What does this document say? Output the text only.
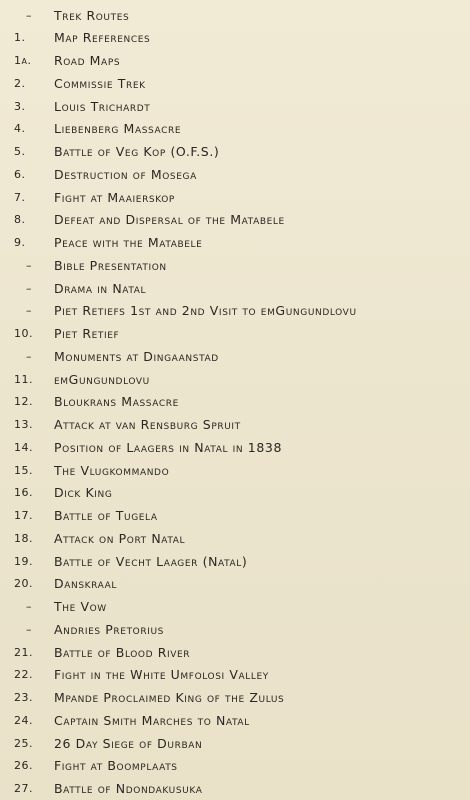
–	Trek Routes
1.	Map References
1a.	Road Maps
2.	Commissie Trek
3.	Louis Trichardt
4.	Liebenberg Massacre
5.	Battle of Veg Kop (O.F.S.)
6.	Destruction of Mosega
7.	Fight at Maaierskop
8.	Defeat and Dispersal of the Matabele
9.	Peace with the Matabele
–	Bible Presentation
–	Drama in Natal
–	Piet Retiefs 1st and 2nd Visit to emGungundlovu
10.	Piet Retief
–	Monuments at Dingaanstad
11.	emGungundlovu
12.	Bloukrans Massacre
13.	Attack at van Rensburg Spruit
14.	Position of Laagers in Natal in 1838
15.	The Vlugkommando
16.	Dick King
17.	Battle of Tugela
18.	Attack on Port Natal
19.	Battle of Vecht Laager (Natal)
20.	Danskraal
–	The Vow
–	Andries Pretorius
21.	Battle of Blood River
22.	Fight in the White Umfolosi Valley
23.	Mpande Proclaimed King of the Zulus
24.	Captain Smith Marches to Natal
25.	26 Day Siege of Durban
26.	Fight at Boomplaats
27.	Battle of Ndondakusuka
